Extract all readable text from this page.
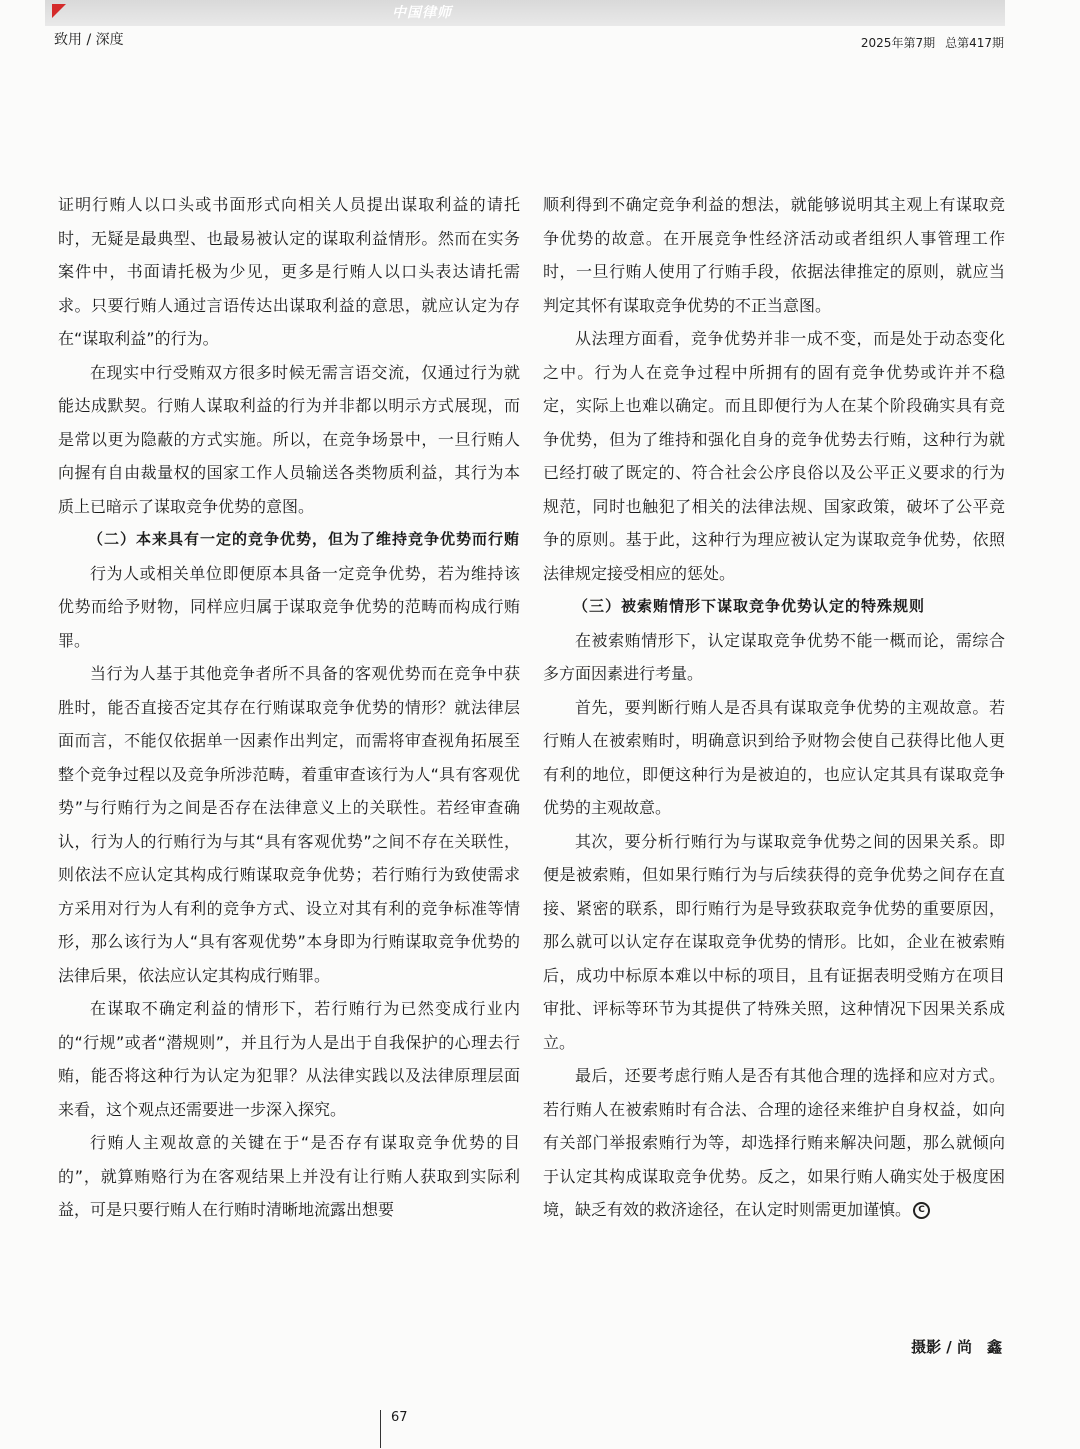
中国律师
致用 / 深度	2025年第7期 总第417期

证明行贿人以口头或书面形式向相关人员提出谋取利益的请托时，无疑是最典型、也最易被认定的谋取利益情形。然而在实务案件中，书面请托极为少见，更多是行贿人以口头表达请托需求。只要行贿人通过言语传达出谋取利益的意思，就应认定为存在“谋取利益”的行为。

在现实中行受贿双方很多时候无需言语交流，仅通过行为就能达成默契。行贿人谋取利益的行为并非都以明示方式展现，而是常以更为隐蔽的方式实施。所以，在竞争场景中，一旦行贿人向握有自由裁量权的国家工作人员输送各类物质利益，其行为本质上已暗示了谋取竞争优势的意图。

（二）本来具有一定的竞争优势，但为了维持竞争优势而行贿

行为人或相关单位即便原本具备一定竞争优势，若为维持该优势而给予财物，同样应归属于谋取竞争优势的范畴而构成行贿罪。

当行为人基于其他竞争者所不具备的客观优势而在竞争中获胜时，能否直接否定其存在行贿谋取竞争优势的情形？就法律层面而言，不能仅依据单一因素作出判定，而需将审查视角拓展至整个竞争过程以及竞争所涉范畴，着重审查该行为人“具有客观优势”与行贿行为之间是否存在法律意义上的关联性。若经审查确认，行为人的行贿行为与其“具有客观优势”之间不存在关联性，则依法不应认定其构成行贿谋取竞争优势；若行贿行为致使需求方采用对行为人有利的竞争方式、设立对其有利的竞争标准等情形，那么该行为人“具有客观优势”本身即为行贿谋取竞争优势的法律后果，依法应认定其构成行贿罪。

在谋取不确定利益的情形下，若行贿行为已然变成行业内的“行规”或者“潜规则”，并且行为人是出于自我保护的心理去行贿，能否将这种行为认定为犯罪？从法律实践以及法律原理层面来看，这个观点还需要进一步深入探究。

行贿人主观故意的关键在于“是否存有谋取竞争优势的目的”，就算贿赂行为在客观结果上并没有让行贿人获取到实际利益，可是只要行贿人在行贿时清晰地流露出想要

顺利得到不确定竞争利益的想法，就能够说明其主观上有谋取竞争优势的故意。在开展竞争性经济活动或者组织人事管理工作时，一旦行贿人使用了行贿手段，依据法律推定的原则，就应当判定其怀有谋取竞争优势的不正当意图。

从法理方面看，竞争优势并非一成不变，而是处于动态变化之中。行为人在竞争过程中所拥有的固有竞争优势或许并不稳定，实际上也难以确定。而且即便行为人在某个阶段确实具有竞争优势，但为了维持和强化自身的竞争优势去行贿，这种行为就已经打破了既定的、符合社会公序良俗以及公平正义要求的行为规范，同时也触犯了相关的法律法规、国家政策，破坏了公平竞争的原则。基于此，这种行为理应被认定为谋取竞争优势，依照法律规定接受相应的惩处。

（三）被索贿情形下谋取竞争优势认定的特殊规则

在被索贿情形下，认定谋取竞争优势不能一概而论，需综合多方面因素进行考量。

首先，要判断行贿人是否具有谋取竞争优势的主观故意。若行贿人在被索贿时，明确意识到给予财物会使自己获得比他人更有利的地位，即便这种行为是被迫的，也应认定其具有谋取竞争优势的主观故意。

其次，要分析行贿行为与谋取竞争优势之间的因果关系。即便是被索贿，但如果行贿行为与后续获得的竞争优势之间存在直接、紧密的联系，即行贿行为是导致获取竞争优势的重要原因，那么就可以认定存在谋取竞争优势的情形。比如，企业在被索贿后，成功中标原本难以中标的项目，且有证据表明受贿方在项目审批、评标等环节为其提供了特殊关照，这种情况下因果关系成立。

最后，还要考虑行贿人是否有其他合理的选择和应对方式。若行贿人在被索贿时有合法、合理的途径来维护自身权益，如向有关部门举报索贿行为等，却选择行贿来解决问题，那么就倾向于认定其构成谋取竞争优势。反之，如果行贿人确实处于极度困境，缺乏有效的救济途径，在认定时则需更加谨慎。 C

摄影 / 尚　鑫
67
